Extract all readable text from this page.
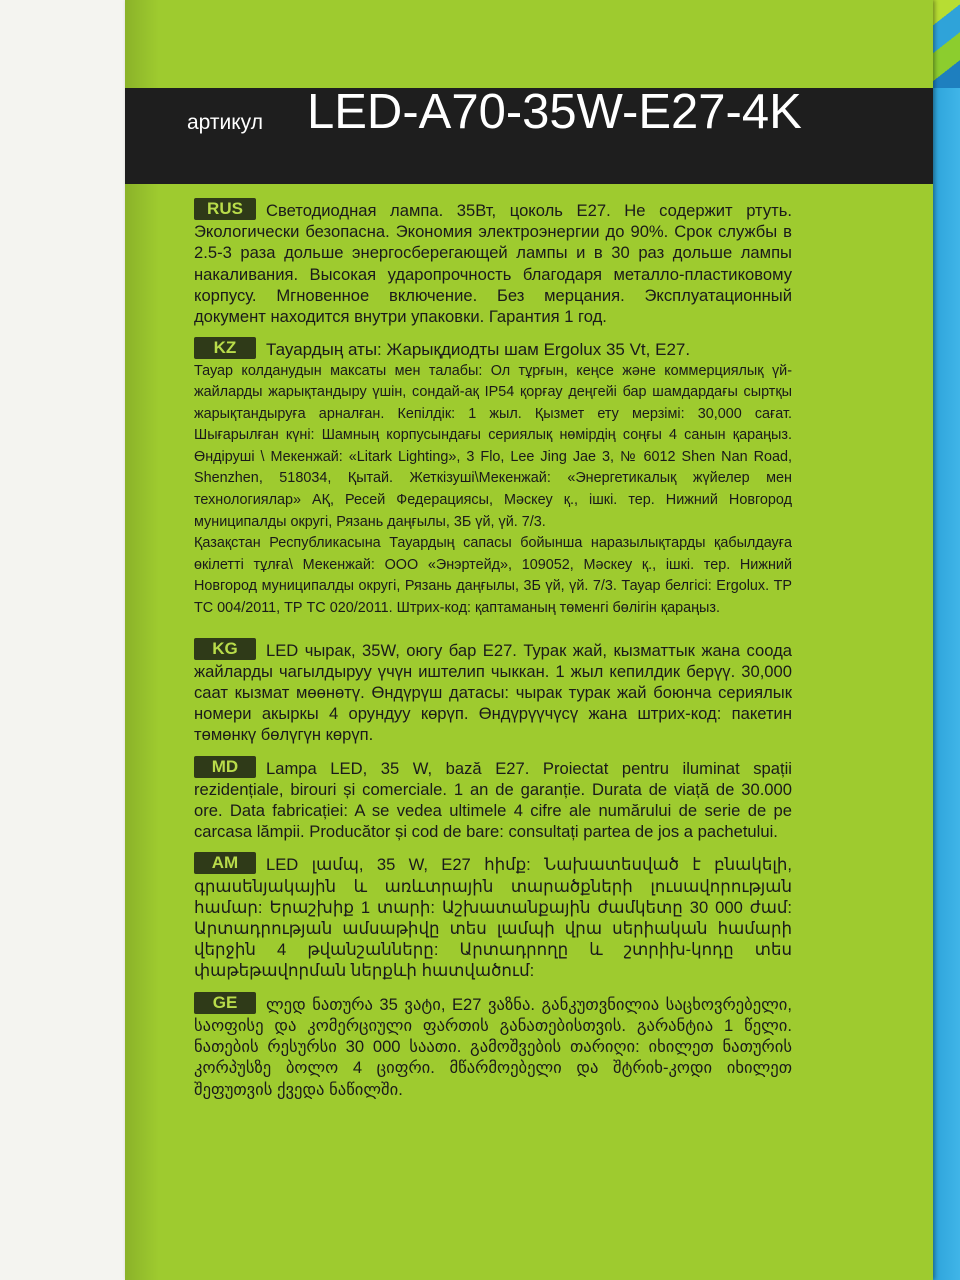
артикул LED-A70-35W-E27-4K

RUS Светодиодная лампа. 35Вт, цоколь E27. Не содержит ртуть. Экологически безопасна. Экономия электроэнергии до 90%. Срок службы в 2.5-3 раза дольше энергосберегающей лампы и в 30 раз дольше лампы накаливания. Высокая ударопрочность благодаря металло-пластиковому корпусу. Мгновенное включение. Без мерцания. Эксплуатационный документ находится внутри упаковки. Гарантия 1 год.

KZ Тауардың аты: Жарықдиодты шам Ergolux 35 Vt, E27.

Тауар колданудын максаты мен талабы: Ол тұрғын, кеңсе және коммерциялық үй-жайларды жарықтандыру үшін, сондай-ақ IP54 қорғау деңгейі бар шамдардағы сыртқы жарықтандыруға арналған. Кепілдік: 1 жыл. Қызмет ету мерзімі: 30,000 сағат. Шығарылған күні: Шамның корпусындағы сериялық нөмірдің соңғы 4 санын қараңыз. Өндіруші \ Мекенжай: «Litark Lighting», 3 Flo, Lee Jing Jae 3, № 6012 Shen Nan Road, Shenzhen, 518034, Қытай. Жеткізуші\Мекенжай: «Энергетикалық жүйелер мен технологиялар» АҚ, Ресей Федерациясы, Мәскеу қ., ішкі. тер. Нижний Новгород муниципалды округі, Рязань даңғылы, 3Б үй, үй. 7/3.

Қазақстан Республикасына Тауардың сапасы бойынша наразылықтарды қабылдауға өкілетті тұлға\ Мекенжай: ООО «Энэртейд», 109052, Мәскеу қ., ішкі. тер. Нижний Новгород муниципалды округі, Рязань даңғылы, 3Б үй, үй. 7/3. Тауар белгісі: Ergolux. ТР ТС 004/2011, ТР ТС 020/2011. Штрих-код: қаптаманың төменгі бөлігін қараңыз.

KG LED чырак, 35W, оюгу бар E27. Турак жай, кызматтык жана соода жайларды чагылдыруу үчүн иштелип чыккан. 1 жыл кепилдик берүү. 30,000 саат кызмат мөөнөтү. Өндүрүш датасы: чырак турак жай боюнча сериялык номери акыркы 4 орундуу көрүп. Өндүрүүчүсү жана штрих-код: пакетин төмөнкү бөлүгүн көрүп.

MD Lampa LED, 35 W, bază E27. Proiectat pentru iluminat spații rezidențiale, birouri și comerciale. 1 an de garanție. Durata de viață de 30.000 ore. Data fabricației: A se vedea ultimele 4 cifre ale numărului de serie de pe carcasa lămpii. Producător și cod de bare: consultați partea de jos a pachetului.

AM LED լամպ, 35 W, E27 հիմք: Նախատեսված է բնակելի, գրասենյակային և առևտրային տարածքների լուսավորության համար: Երաշխիք 1 տարի: Աշխատանքային ժամկետը 30 000 ժամ: Արտադրության ամսաթիվը տես լամպի վրա սերիական համարի վերջին 4 թվանշանները: Արտադրողը և շտրիխ-կոդը տես փաթեթավորման ներքևի հատվածում:

GE ლედ ნათურა 35 ვატი, E27 ვაზნა. განკუთვნილია საცხოვრებელი, საოფისე და კომერციული ფართის განათებისთვის. გარანტია 1 წელი. ნათების რესურსი 30 000 საათი. გამოშვების თარიღი: იხილეთ ნათურის კორპუსზე ბოლო 4 ციფრი. მწარმოებელი და შტრიხ-კოდი იხილეთ შეფუთვის ქვედა ნაწილში.
